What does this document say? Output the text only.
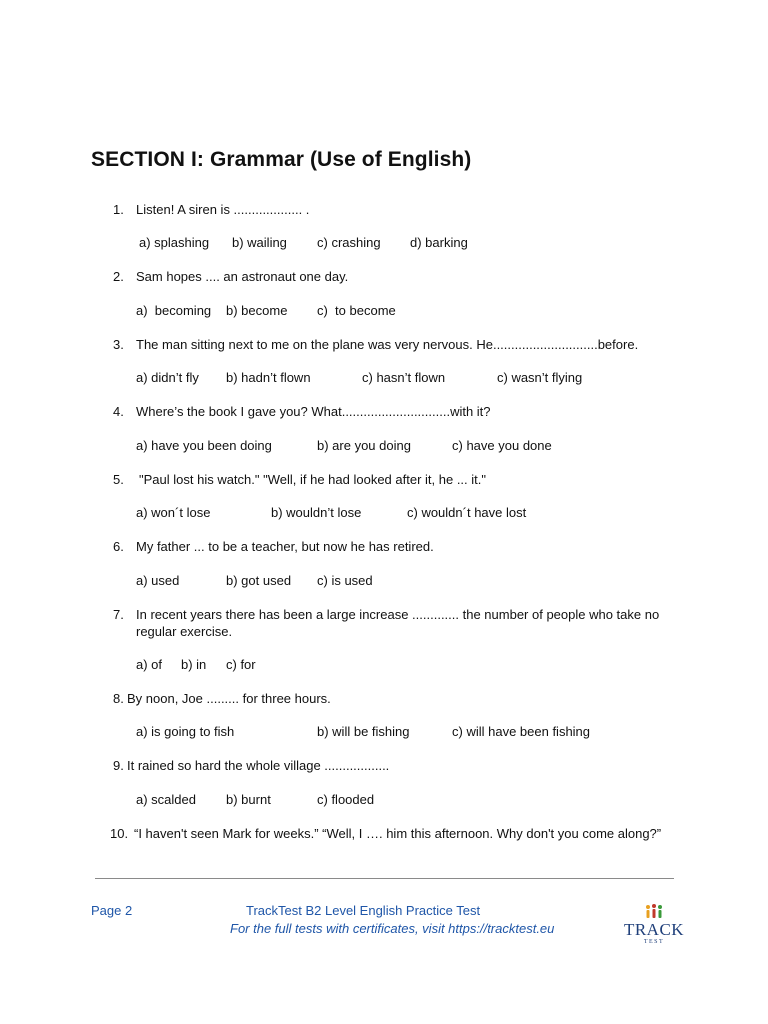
SECTION I: Grammar (Use of English)
1. Listen! A siren is ................... .
a) splashing b) wailing c) crashing d) barking
2. Sam hopes .... an astronaut one day.
a)  becoming b) become c)  to become
3. The man sitting next to me on the plane was very nervous. He.............................before.
a) didn’t fly b) hadn’t flown	c) hasn’t flown	c) wasn’t flying
4. Where’s the book I gave you? What..............................with it?
a) have you been doing	b) are you doing	c) have you done
5. "Paul lost his watch." "Well, if he had looked after it, he ... it."
a) won´t lose	b) wouldn’t lose	c) wouldn´t have lost
6. My father ... to be a teacher, but now he has retired.
a) used	b) got used c) is used
7. In recent years there has been a large increase ............. the number of people who take no regular exercise.
a) of b) in c) for
8. By noon, Joe ......... for three hours.
a) is going to fish	b) will be fishing	c) will have been fishing
9. It rained so hard the whole village ..................
a) scalded b) burnt	c) flooded
10. “I haven't seen Mark for weeks.” “Well, I …. him this afternoon. Why don't you come along?”
Page 2	TrackTest B2 Level English Practice Test
For the full tests with certificates, visit https://tracktest.eu	TRACK
TEST
